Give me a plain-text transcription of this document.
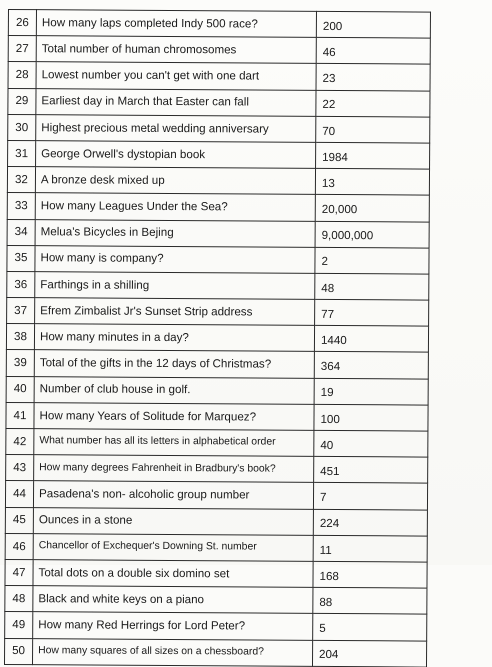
26	How many laps completed Indy 500 race?	200
27	Total number of human chromosomes	46
28	Lowest number you can't get with one dart	23
29	Earliest day in March that Easter can fall	22
30	Highest precious metal wedding anniversary	70
31	George Orwell's dystopian book	1984
32	A bronze desk mixed up	13
33	How many Leagues Under the Sea?	20,000
34	Melua's Bicycles in Bejing	9,000,000
35	How many is company?	2
36	Farthings in a shilling	48
37	Efrem Zimbalist Jr's Sunset Strip address	77
38	How many minutes in a day?	1440
39	Total of the gifts in the 12 days of Christmas?	364
40	Number of club house in golf.	19
41	How many Years of Solitude for Marquez?	100
42	What number has all its letters in alphabetical order	40
43	How many degrees Fahrenheit in Bradbury's book?	451
44	Pasadena's non- alcoholic group number	7
45	Ounces in a stone	224
46	Chancellor of Exchequer's Downing St. number	11
47	Total dots on a double six domino set	168
48	Black and white keys on a piano	88
49	How many Red Herrings for Lord Peter?	5
50	How many squares of all sizes on a chessboard?	204
